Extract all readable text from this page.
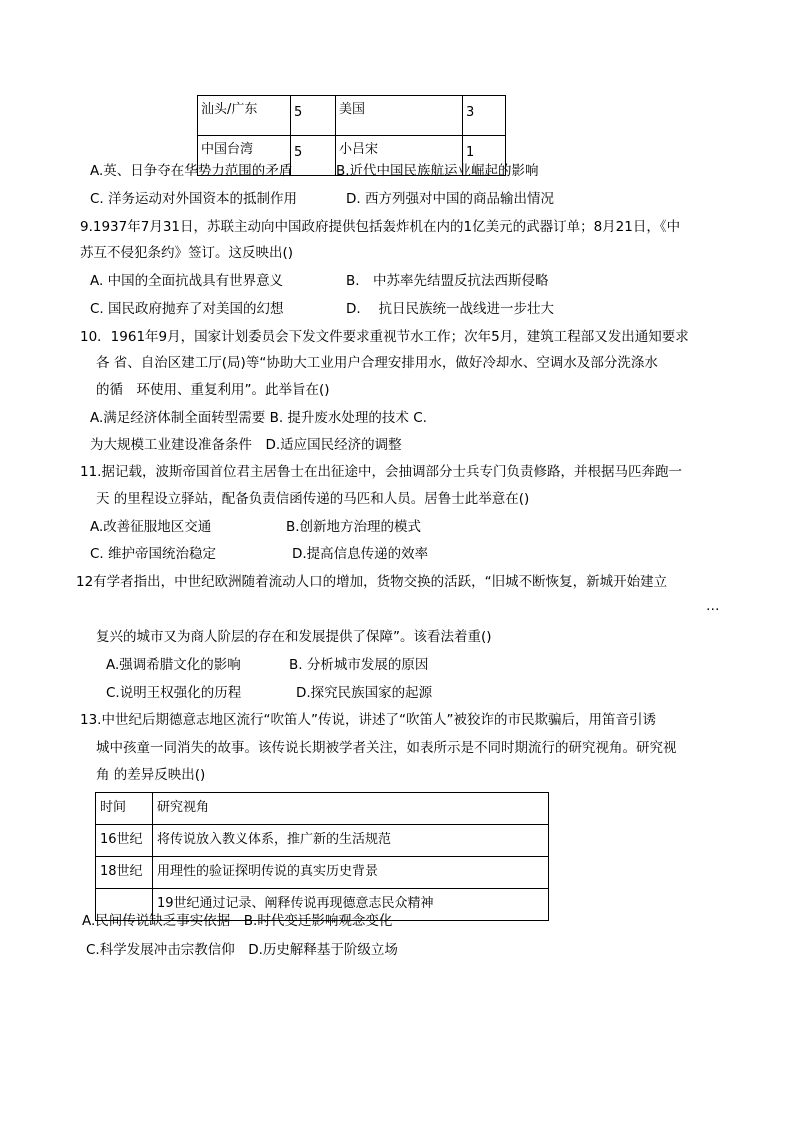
汕头/广东	5	美国	3
中国台湾	5	小吕宋	1
A.英、日争夺在华势力范围的矛盾	B.近代中国民族航运业崛起的影响
C. 洋务运动对外国资本的抵制作用	D. 西方列强对中国的商品输出情况
9.1937年7月31日，苏联主动向中国政府提供包括轰炸机在内的1亿美元的武器订单；8月21日，《中
苏互不侵犯条约》签订。这反映出()
A. 中国的全面抗战具有世界意义	B.　中苏率先结盟反抗法西斯侵略
C. 国民政府抛弃了对美国的幻想	D.　 抗日民族统一战线进一步壮大
10．1961年9月，国家计划委员会下发文件要求重视节水工作；次年5月，建筑工程部又发出通知要求
各 省、自治区建工厅(局)等“协助大工业用户合理安排用水，做好冷却水、空调水及部分洗涤水
的循　环使用、重复利用”。此举旨在()
A.满足经济体制全面转型需要 B. 提升废水处理的技术 C.
为大规模工业建设准备条件　D.适应国民经济的调整
11.据记载，波斯帝国首位君主居鲁士在出征途中，会抽调部分士兵专门负责修路，并根据马匹奔跑一
天 的里程设立驿站，配备负责信函传递的马匹和人员。居鲁士此举意在()
A.改善征服地区交通	B.创新地方治理的模式
C. 维护帝国统治稳定	D.提高信息传递的效率
12有学者指出，中世纪欧洲随着流动人口的增加，货物交换的活跃，“旧城不断恢复，新城开始建立
…
复兴的城市又为商人阶层的存在和发展提供了保障”。该看法着重()
A.强调希腊文化的影响	B. 分析城市发展的原因
C.说明王权强化的历程	D.探究民族国家的起源
13.中世纪后期德意志地区流行“吹笛人”传说，讲述了“吹笛人”被狡诈的市民欺骗后，用笛音引诱
城中孩童一同消失的故事。该传说长期被学者关注，如表所示是不同时期流行的研究视角。研究视
角 的差异反映出()
时间	研究视角
16世纪	将传说放入教义体系，推广新的生活规范
18世纪	用理性的验证探明传说的真实历史背景
	19世纪通过记录、阐释传说再现德意志民众精神
A.民间传说缺乏事实依据　B.时代变迁影响观念变化
C.科学发展冲击宗教信仰　D.历史解释基于阶级立场
